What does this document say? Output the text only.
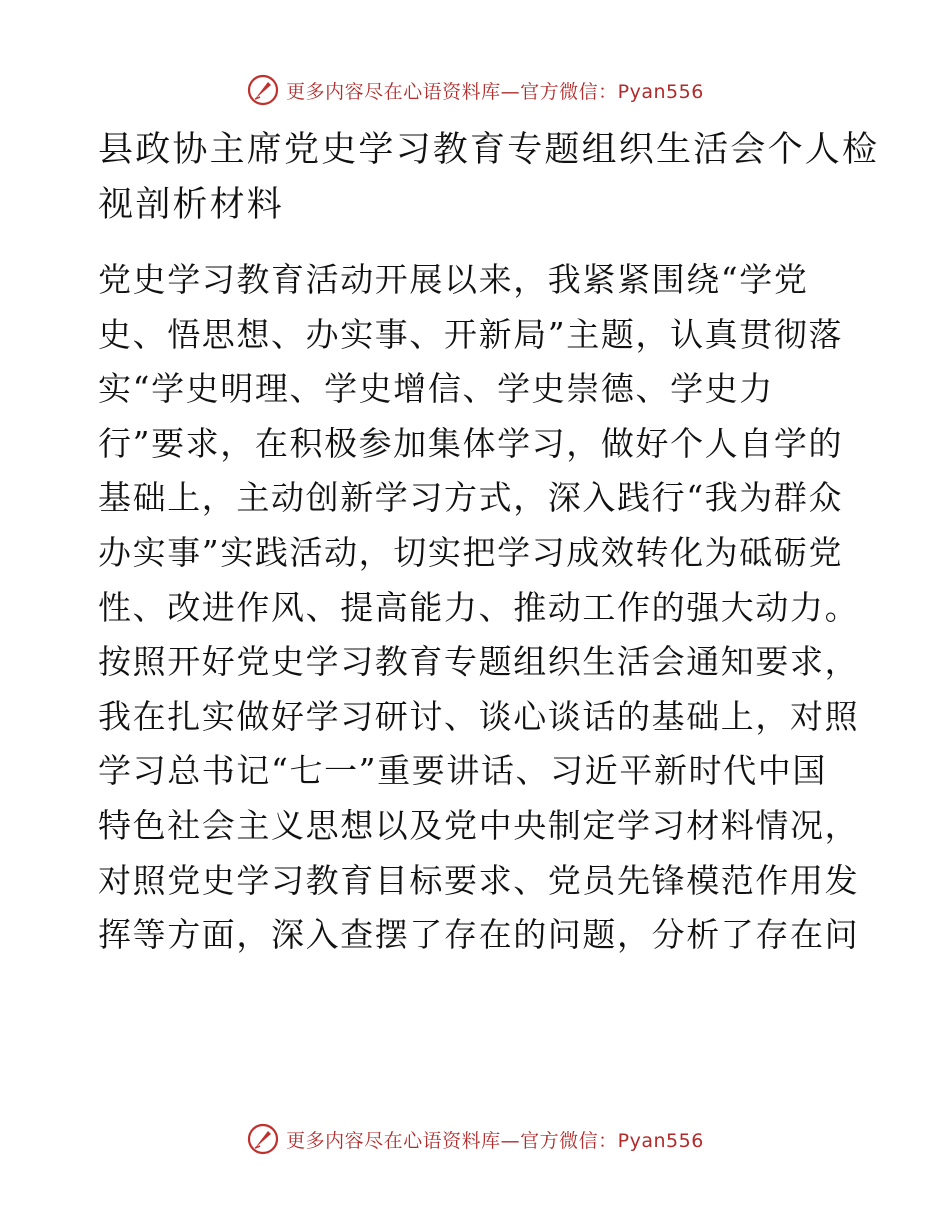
更多内容尽在心语资料库—官方微信：Pyan556
县政协主席党史学习教育专题组织生活会个人检
视剖析材料
党史学习教育活动开展以来，我紧紧围绕“学党
史、悟思想、办实事、开新局”主题，认真贯彻落
实“学史明理、学史增信、学史崇德、学史力
行”要求，在积极参加集体学习，做好个人自学的
基础上，主动创新学习方式，深入践行“我为群众
办实事”实践活动，切实把学习成效转化为砥砺党
性、改进作风、提高能力、推动工作的强大动力。
按照开好党史学习教育专题组织生活会通知要求，
我在扎实做好学习研讨、谈心谈话的基础上，对照
学习总书记“七一”重要讲话、习近平新时代中国
特色社会主义思想以及党中央制定学习材料情况，
对照党史学习教育目标要求、党员先锋模范作用发
挥等方面，深入查摆了存在的问题，分析了存在问
更多内容尽在心语资料库—官方微信：Pyan556
